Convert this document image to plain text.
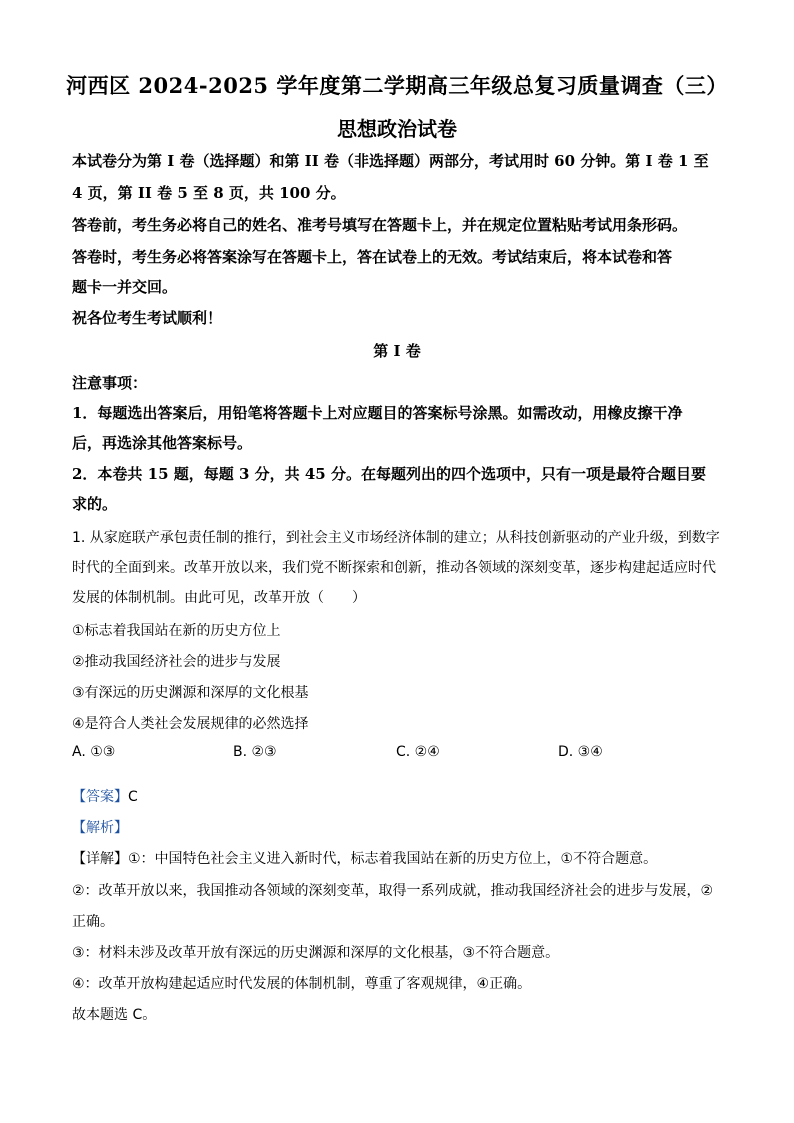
河西区 2024-2025 学年度第二学期高三年级总复习质量调查（三）
思想政治试卷
本试卷分为第 I 卷（选择题）和第 II 卷（非选择题）两部分，考试用时 60 分钟。第 I 卷 1 至
4 页，第 II 卷 5 至 8 页，共 100 分。
答卷前，考生务必将自己的姓名、准考号填写在答题卡上，并在规定位置粘贴考试用条形码。
答卷时，考生务必将答案涂写在答题卡上，答在试卷上的无效。考试结束后，将本试卷和答
题卡一并交回。
祝各位考生考试顺利！
第 I 卷
注意事项：
1．每题选出答案后，用铅笔将答题卡上对应题目的答案标号涂黑。如需改动，用橡皮擦干净
后，再选涂其他答案标号。
2．本卷共 15 题，每题 3 分，共 45 分。在每题列出的四个选项中，只有一项是最符合题目要
求的。
1. 从家庭联产承包责任制的推行，到社会主义市场经济体制的建立；从科技创新驱动的产业升级，到数字
时代的全面到来。改革开放以来，我们党不断探索和创新，推动各领域的深刻变革，逐步构建起适应时代
发展的体制机制。由此可见，改革开放（　　）
①标志着我国站在新的历史方位上
②推动我国经济社会的进步与发展
③有深远的历史渊源和深厚的文化根基
④是符合人类社会发展规律的必然选择
A. ①③	B. ②③	C. ②④	D. ③④
【答案】C
【解析】
【详解】①：中国特色社会主义进入新时代，标志着我国站在新的历史方位上，①不符合题意。
②：改革开放以来，我国推动各领域的深刻变革，取得一系列成就，推动我国经济社会的进步与发展，②
正确。
③：材料未涉及改革开放有深远的历史渊源和深厚的文化根基，③不符合题意。
④：改革开放构建起适应时代发展的体制机制，尊重了客观规律，④正确。
故本题选 C。
